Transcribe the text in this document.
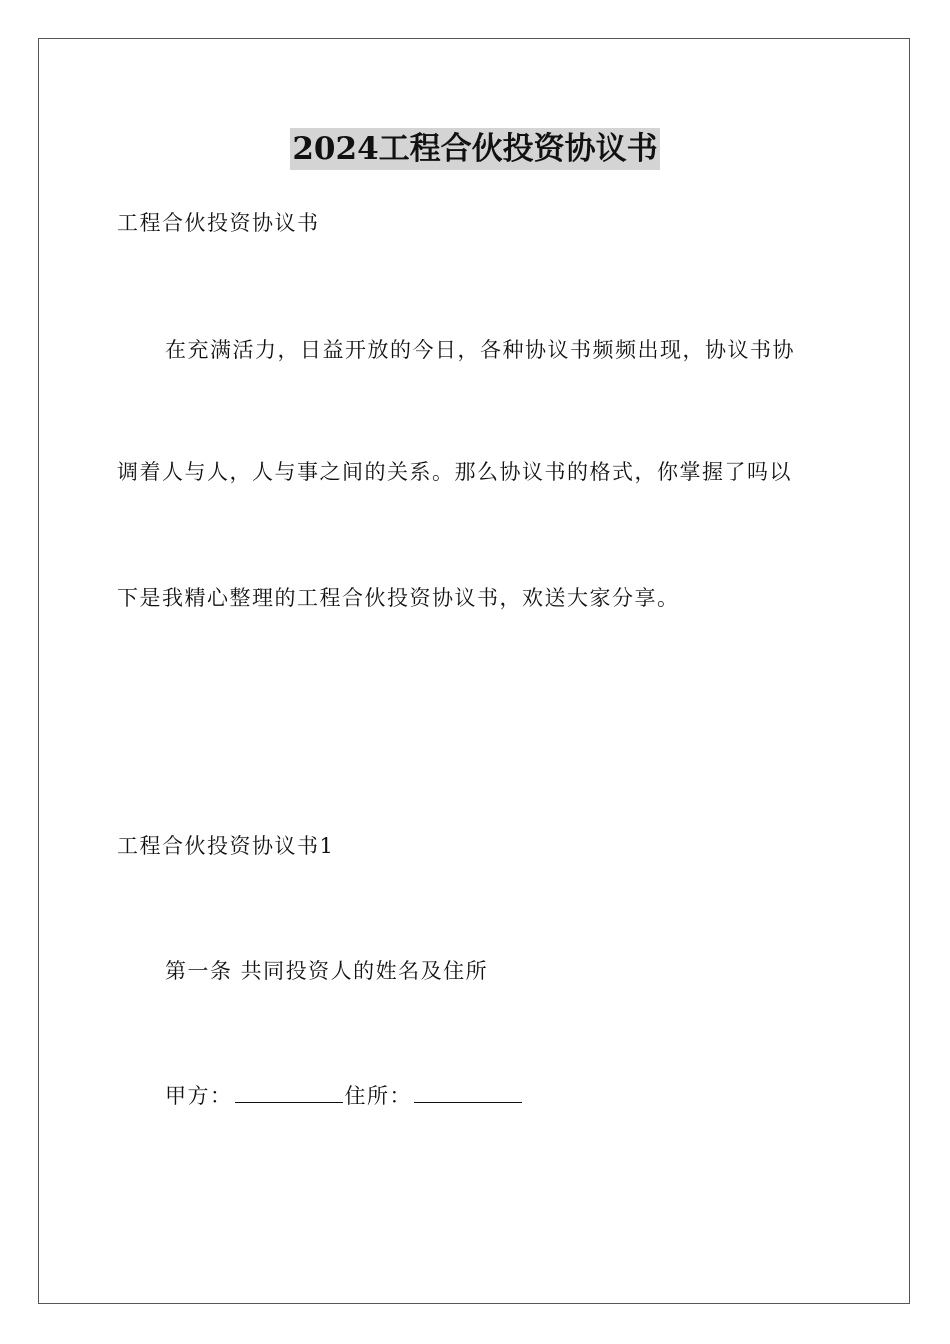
2024工程合伙投资协议书
工程合伙投资协议书
在充满活力，日益开放的今日，各种协议书频频出现，协议书协
调着人与人，人与事之间的关系。那么协议书的格式，你掌握了吗以
下是我精心整理的工程合伙投资协议书，欢送大家分享。
工程合伙投资协议书1
第一条 共同投资人的姓名及住所
甲方：	住所：
